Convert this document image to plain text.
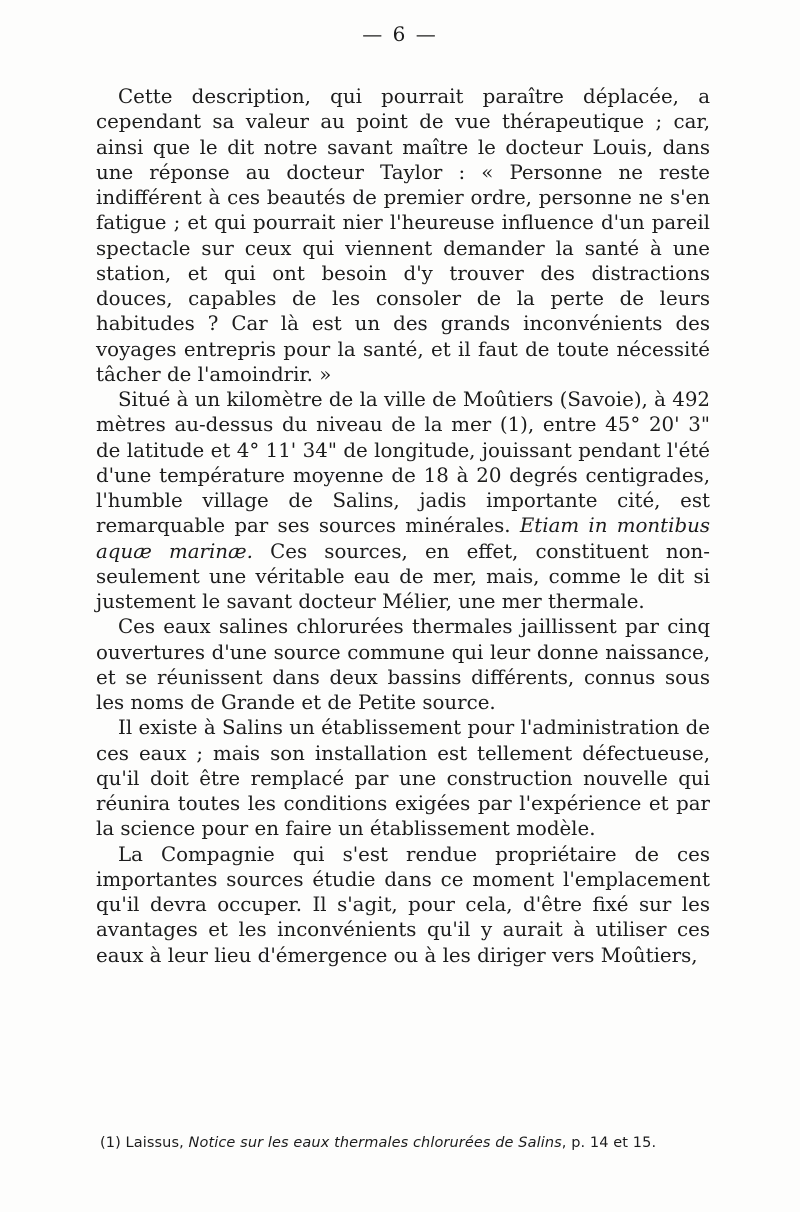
— 6 —

Cette description, qui pourrait paraître déplacée, a cependant sa valeur au point de vue thérapeutique ; car, ainsi que le dit notre savant maître le docteur Louis, dans une réponse au docteur Taylor : « Personne ne reste indifférent à ces beautés de premier ordre, personne ne s'en fatigue ; et qui pourrait nier l'heureuse influence d'un pareil spectacle sur ceux qui viennent demander la santé à une station, et qui ont besoin d'y trouver des distractions douces, capables de les consoler de la perte de leurs habitudes ? Car là est un des grands inconvénients des voyages entrepris pour la santé, et il faut de toute nécessité tâcher de l'amoindrir. »

Situé à un kilomètre de la ville de Moûtiers (Savoie), à 492 mètres au-dessus du niveau de la mer (1), entre 45° 20' 3" de latitude et 4° 11' 34" de longitude, jouissant pendant l'été d'une température moyenne de 18 à 20 degrés centigrades, l'humble village de Salins, jadis importante cité, est remarquable par ses sources minérales. Etiam in montibus aquæ marinæ. Ces sources, en effet, constituent non-seulement une véritable eau de mer, mais, comme le dit si justement le savant docteur Mélier, une mer thermale.

Ces eaux salines chlorurées thermales jaillissent par cinq ouvertures d'une source commune qui leur donne naissance, et se réunissent dans deux bassins différents, connus sous les noms de Grande et de Petite source.

Il existe à Salins un établissement pour l'administration de ces eaux ; mais son installation est tellement défectueuse, qu'il doit être remplacé par une construction nouvelle qui réunira toutes les conditions exigées par l'expérience et par la science pour en faire un établissement modèle.

La Compagnie qui s'est rendue propriétaire de ces importantes sources étudie dans ce moment l'emplacement qu'il devra occuper. Il s'agit, pour cela, d'être fixé sur les avantages et les inconvénients qu'il y aurait à utiliser ces eaux à leur lieu d'émergence ou à les diriger vers Moûtiers,

(1) Laissus, Notice sur les eaux thermales chlorurées de Salins, p. 14 et 15.
